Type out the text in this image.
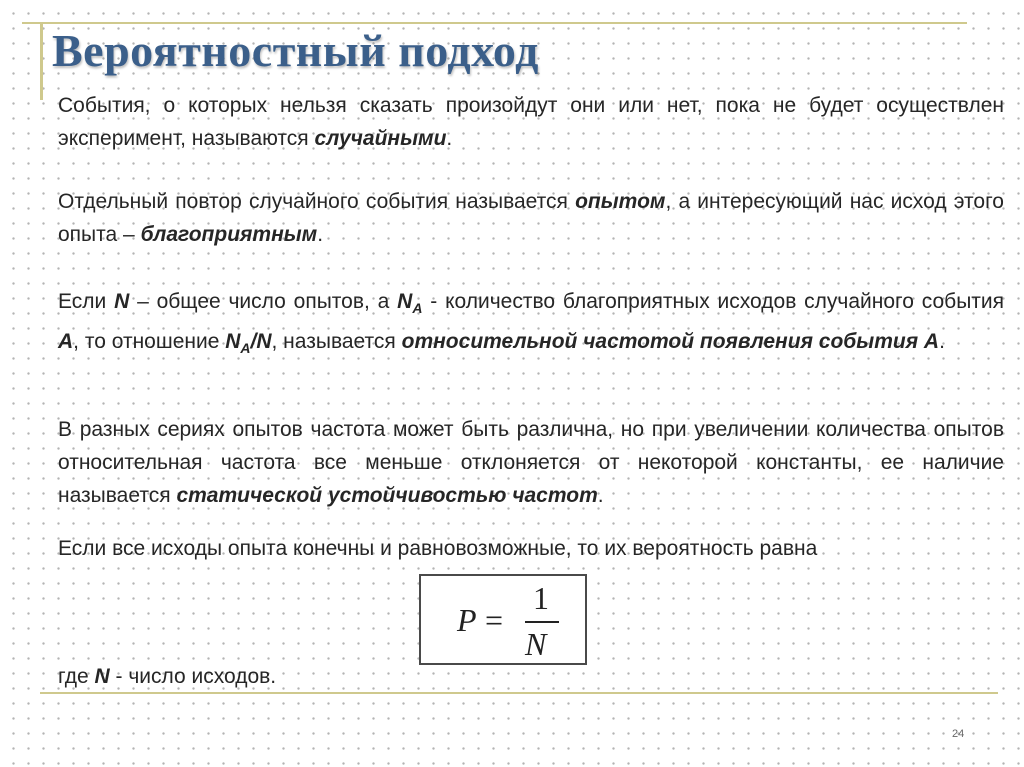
Вероятностный подход
События, о которых нельзя сказать произойдут они или нет, пока не будет осуществлен эксперимент, называются случайными.
Отдельный повтор случайного события называется опытом, а интересующий нас исход этого опыта – благоприятным.
Если N – общее число опытов, а $N_A$ - количество благоприятных исходов случайного события A, то отношение $N_A/N$, называется относительной частотой появления события А.
В разных сериях опытов частота может быть различна, но при увеличении количества опытов относительная частота все меньше отклоняется от некоторой константы, ее наличие называется статической устойчивостью частот.
Если все исходы опыта конечны и равновозможные, то их вероятность равна
P =
1
N
где N - число исходов.
24
